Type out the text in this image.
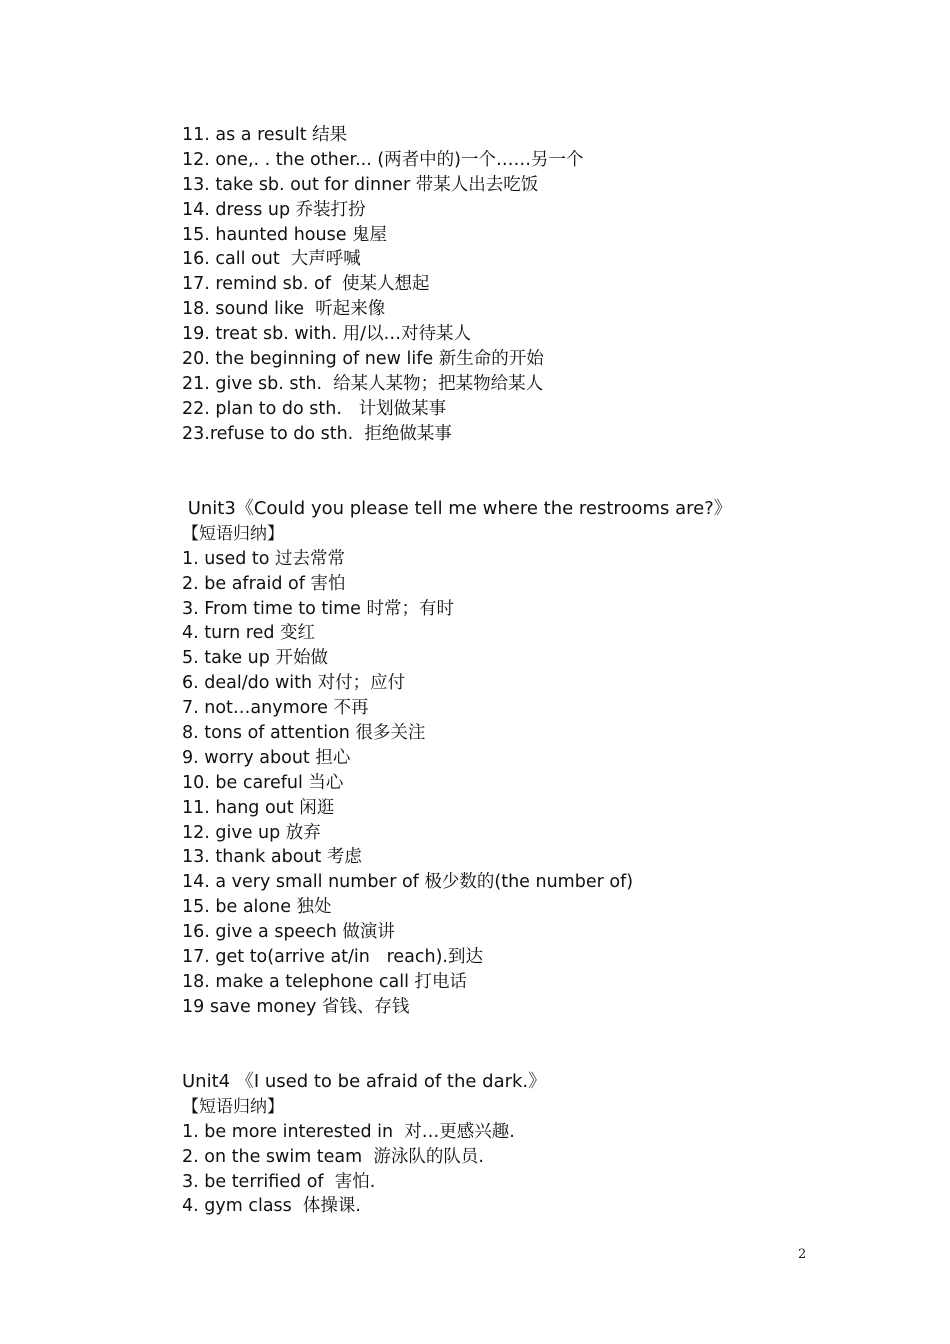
11. as a result 结果
12. one,. . the other... (两者中的)一个……另一个
13. take sb. out for dinner 带某人出去吃饭
14. dress up 乔装打扮
15. haunted house 鬼屋
16. call out  大声呼喊
17. remind sb. of  使某人想起
18. sound like  听起来像
19. treat sb. with. 用/以…对待某人
20. the beginning of new life 新生命的开始
21. give sb. sth.  给某人某物；把某物给某人
22. plan to do sth.   计划做某事
23.refuse to do sth.  拒绝做某事
Unit3《Could you please tell me where the restrooms are?》
【短语归纳】
1. used to 过去常常
2. be afraid of 害怕
3. From time to time 时常；有时
4. turn red 变红
5. take up 开始做
6. deal/do with 对付；应付
7. not…anymore 不再
8. tons of attention 很多关注
9. worry about 担心
10. be careful 当心
11. hang out 闲逛
12. give up 放弃
13. thank about 考虑
14. a very small number of 极少数的(the number of)
15. be alone 独处
16. give a speech 做演讲
17. get to(arrive at/in   reach).到达
18. make a telephone call 打电话
19 save money 省钱、存钱
Unit4 《I used to be afraid of the dark.》
【短语归纳】
1. be more interested in  对…更感兴趣.
2. on the swim team  游泳队的队员.
3. be terrified of  害怕.
4. gym class  体操课.
2
